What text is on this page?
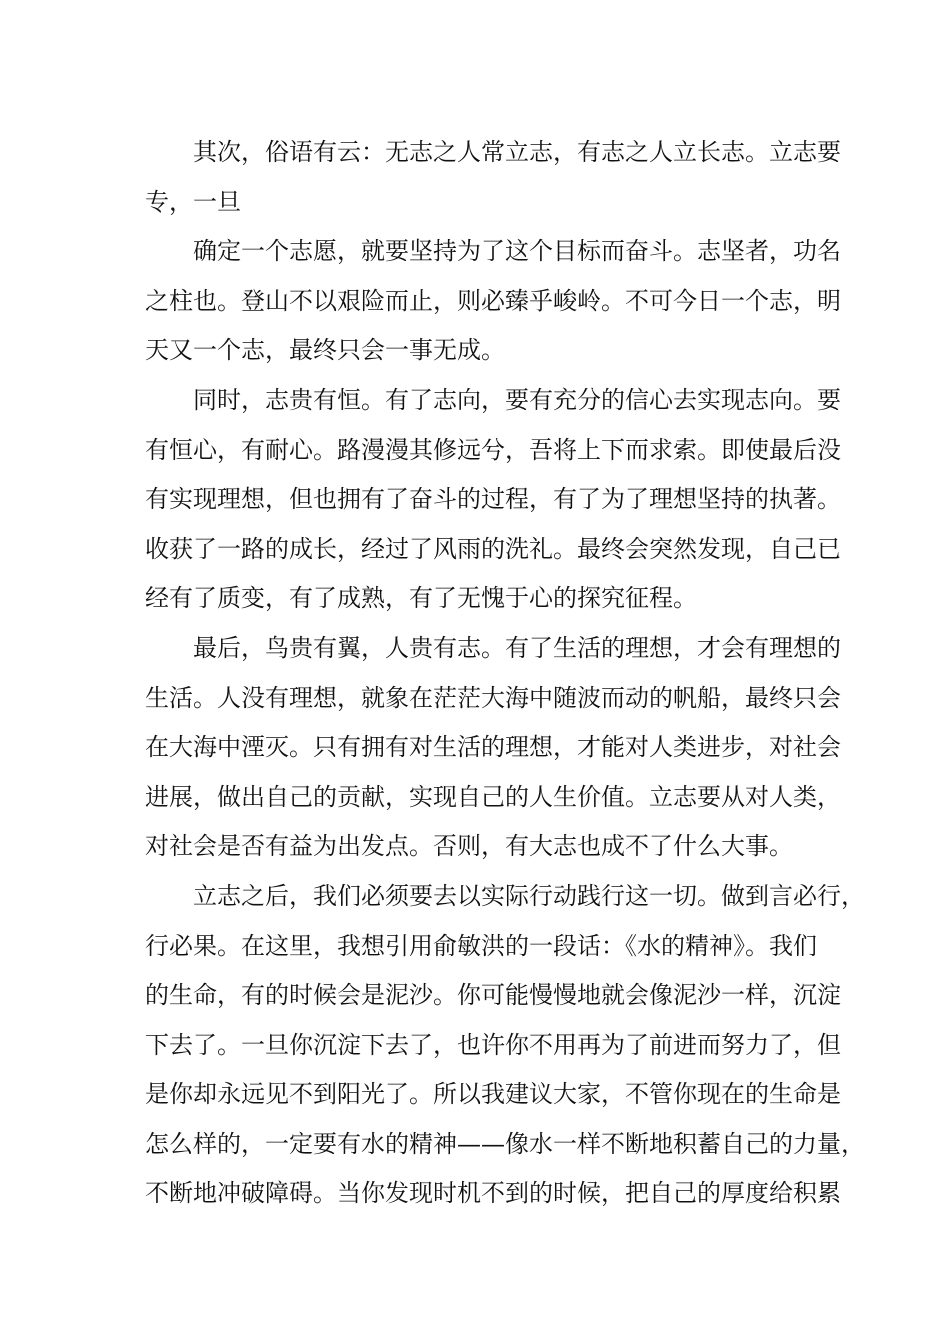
其次，俗语有云：无志之人常立志，有志之人立长志。立志要
专，一旦

确定一个志愿，就要坚持为了这个目标而奋斗。志坚者，功名
之柱也。登山不以艰险而止，则必臻乎峻岭。不可今日一个志，明
天又一个志，最终只会一事无成。

同时，志贵有恒。有了志向，要有充分的信心去实现志向。要
有恒心，有耐心。路漫漫其修远兮，吾将上下而求索。即使最后没
有实现理想，但也拥有了奋斗的过程，有了为了理想坚持的执著。
收获了一路的成长，经过了风雨的洗礼。最终会突然发现，自己已
经有了质变，有了成熟，有了无愧于心的探究征程。

最后，鸟贵有翼，人贵有志。有了生活的理想，才会有理想的
生活。人没有理想，就象在茫茫大海中随波而动的帆船，最终只会
在大海中湮灭。只有拥有对生活的理想，才能对人类进步，对社会
进展，做出自己的贡献，实现自己的人生价值。立志要从对人类，
对社会是否有益为出发点。否则，有大志也成不了什么大事。

立志之后，我们必须要去以实际行动践行这一切。做到言必行，
行必果。在这里，我想引用俞敏洪的一段话：《水的精神》。我们
的生命，有的时候会是泥沙。你可能慢慢地就会像泥沙一样，沉淀
下去了。一旦你沉淀下去了，也许你不用再为了前进而努力了，但
是你却永远见不到阳光了。所以我建议大家，不管你现在的生命是
怎么样的，一定要有水的精神——像水一样不断地积蓄自己的力量，
不断地冲破障碍。当你发现时机不到的时候，把自己的厚度给积累
